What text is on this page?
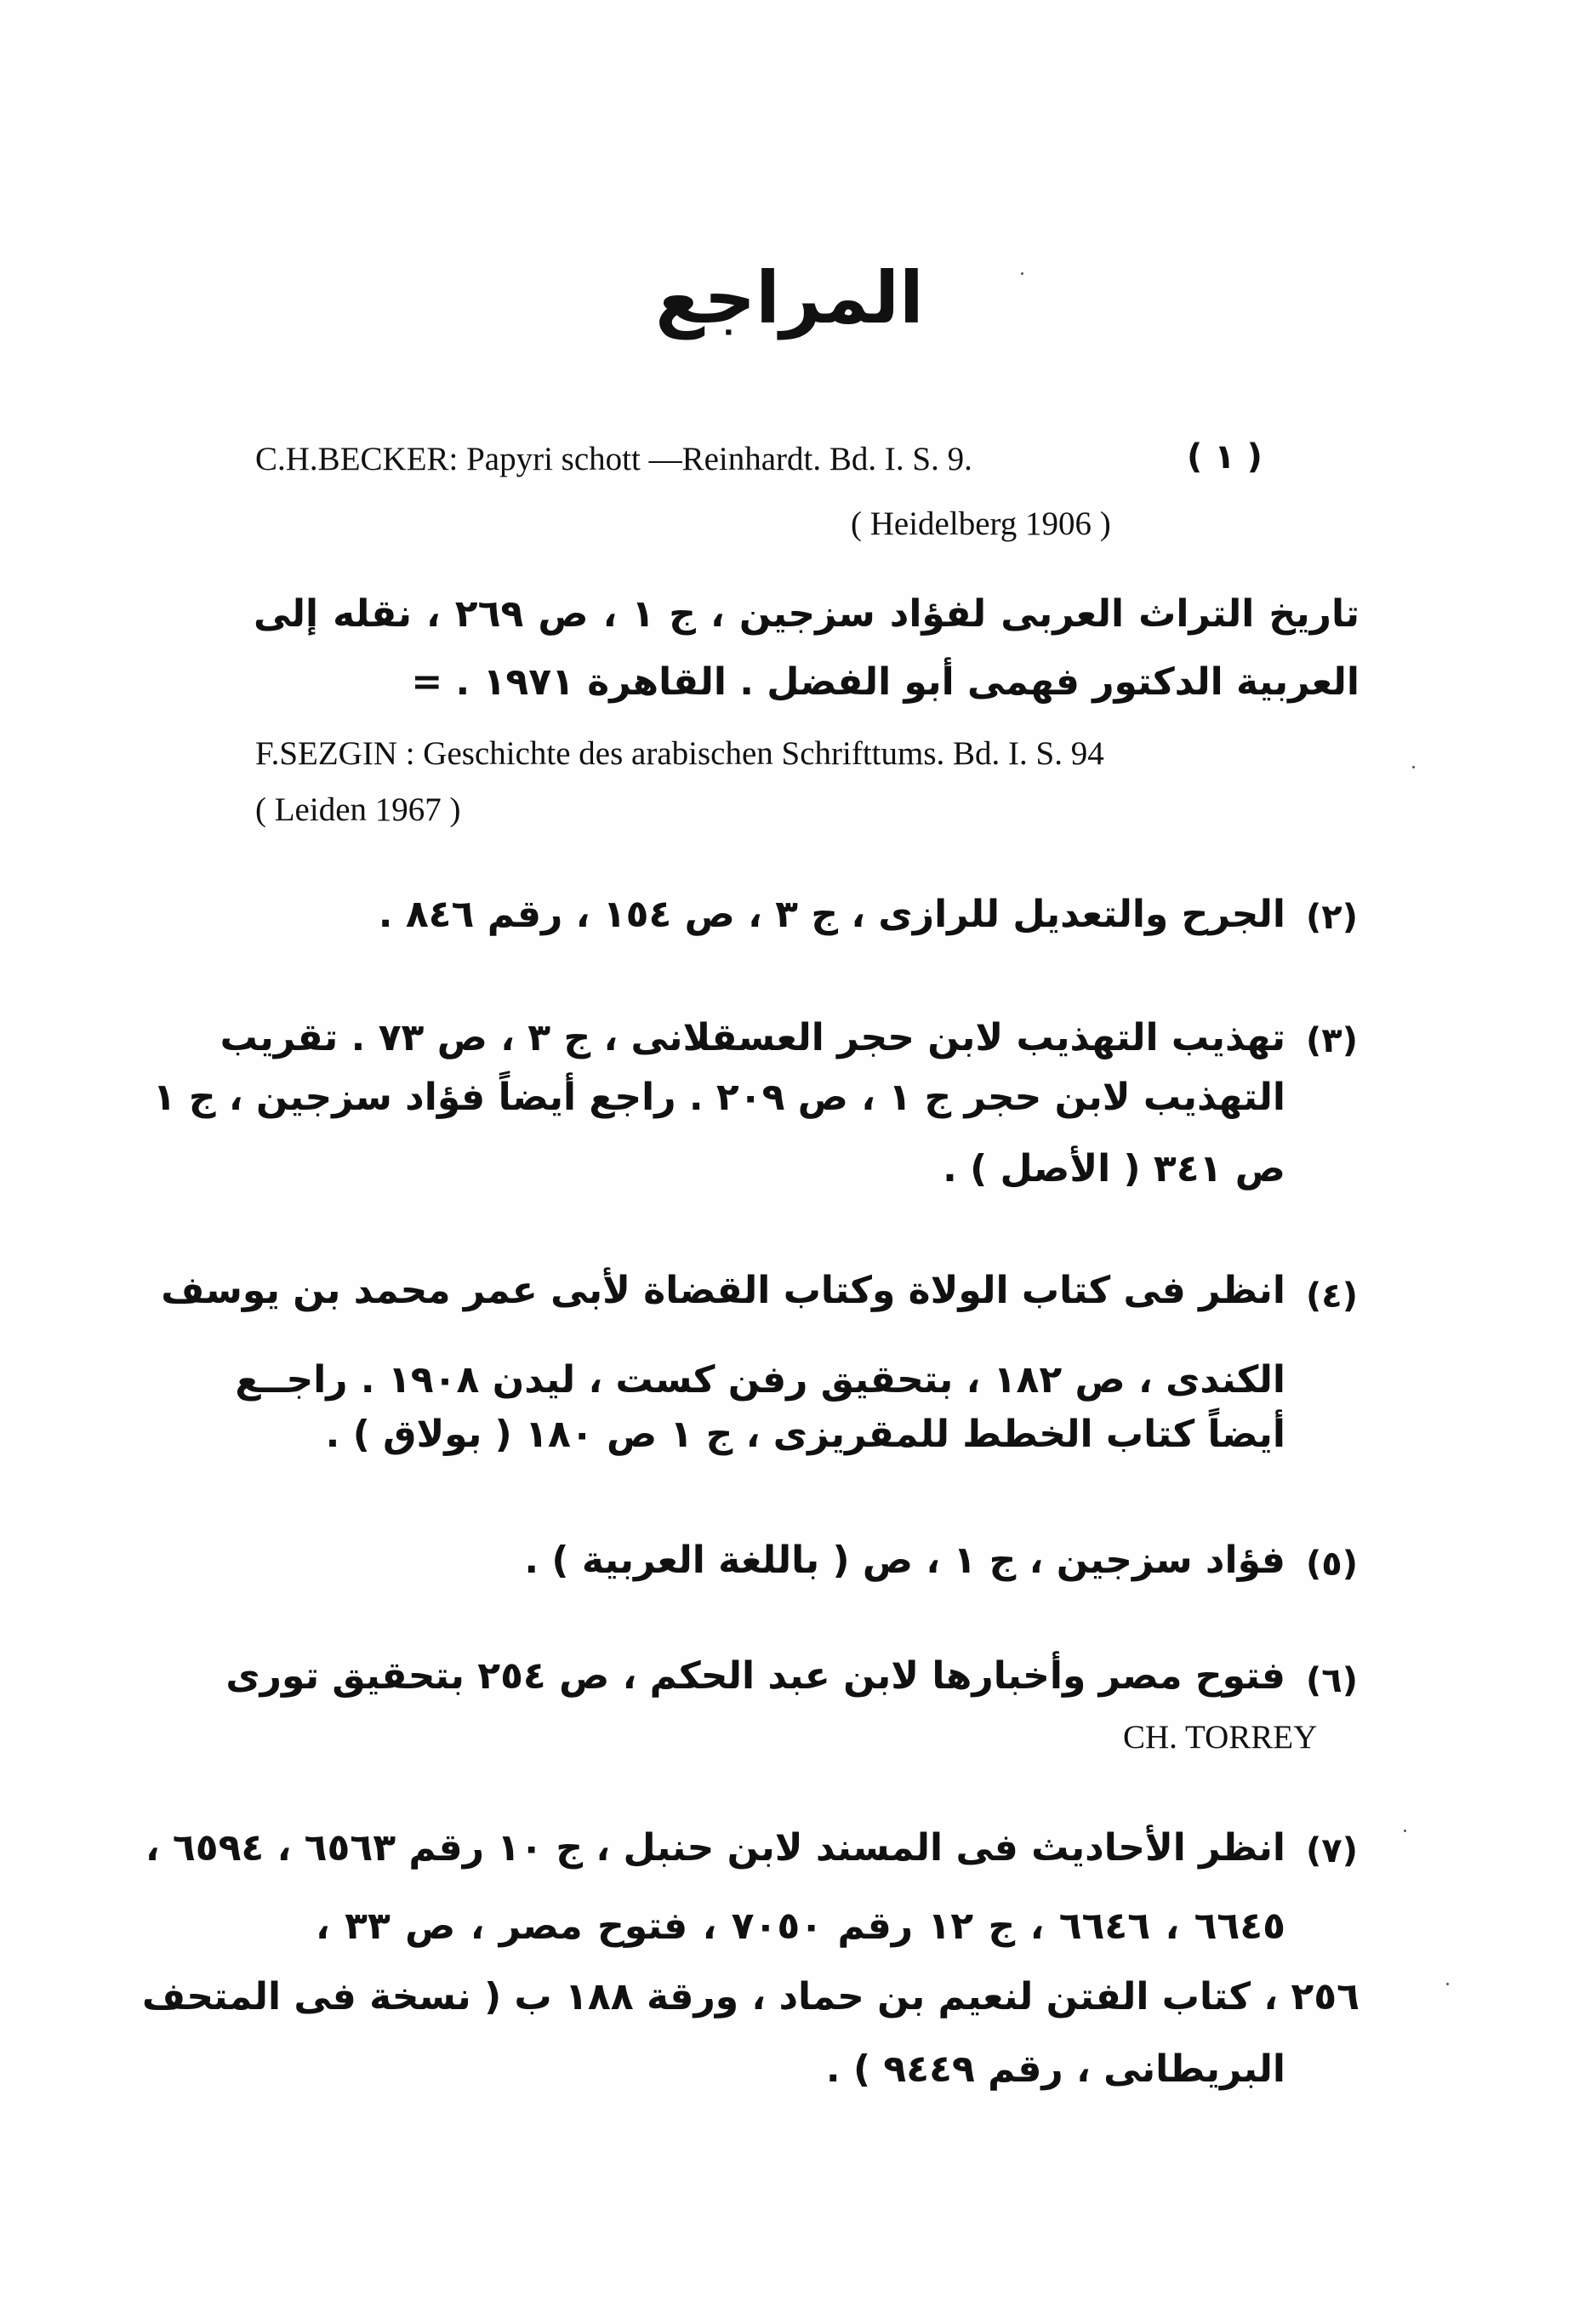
المراجع
( ١ )
C.H.BECKER: Papyri schott —Reinhardt. Bd. I. S. 9.
( Heidelberg 1906 )
تاريخ التراث العربى لفؤاد سزجين ، ج ١ ، ص ٢٦٩ ، نقله إلى
العربية الدكتور فهمى أبو الفضل . القاهرة ١٩٧١ . =
F.SEZGIN : Geschichte des arabischen Schrifttums. Bd. I. S. 94
( Leiden 1967 )
(٢)
الجرح والتعديل للرازى ، ج ٣ ، ص ١٥٤ ، رقم ٨٤٦ .
(٣)
تهذيب التهذيب لابن حجر العسقلانى ، ج ٣ ، ص ٧٣ . تقريب
التهذيب لابن حجر ج ١ ، ص ٢٠٩ . راجع أيضاً فؤاد سزجين ، ج ١
ص ٣٤١ ( الأصل ) .
(٤)
انظر فى كتاب الولاة وكتاب القضاة لأبى عمر محمد بن يوسف
الكندى ، ص ١٨٢ ، بتحقيق رفن كست ، ليدن ١٩٠٨ . راجــع
أيضاً كتاب الخطط للمقريزى ، ج ١ ص ١٨٠ ( بولاق ) .
(٥)
فؤاد سزجين ، ج ١ ، ص ( باللغة العربية ) .
(٦)
فتوح مصر وأخبارها لابن عبد الحكم ، ص ٢٥٤ بتحقيق تورى
CH. TORREY
(٧)
انظر الأحاديث فى المسند لابن حنبل ، ج ١٠ رقم ٦٥٦٣ ، ٦٥٩٤ ،
٦٦٤٥ ، ٦٦٤٦ ، ج ١٢ رقم ٧٠٥٠ ، فتوح مصر ، ص ٣٣ ،
٢٥٦ ، كتاب الفتن لنعيم بن حماد ، ورقة ١٨٨ ب ( نسخة فى المتحف
البريطانى ، رقم ٩٤٤٩ ) .
